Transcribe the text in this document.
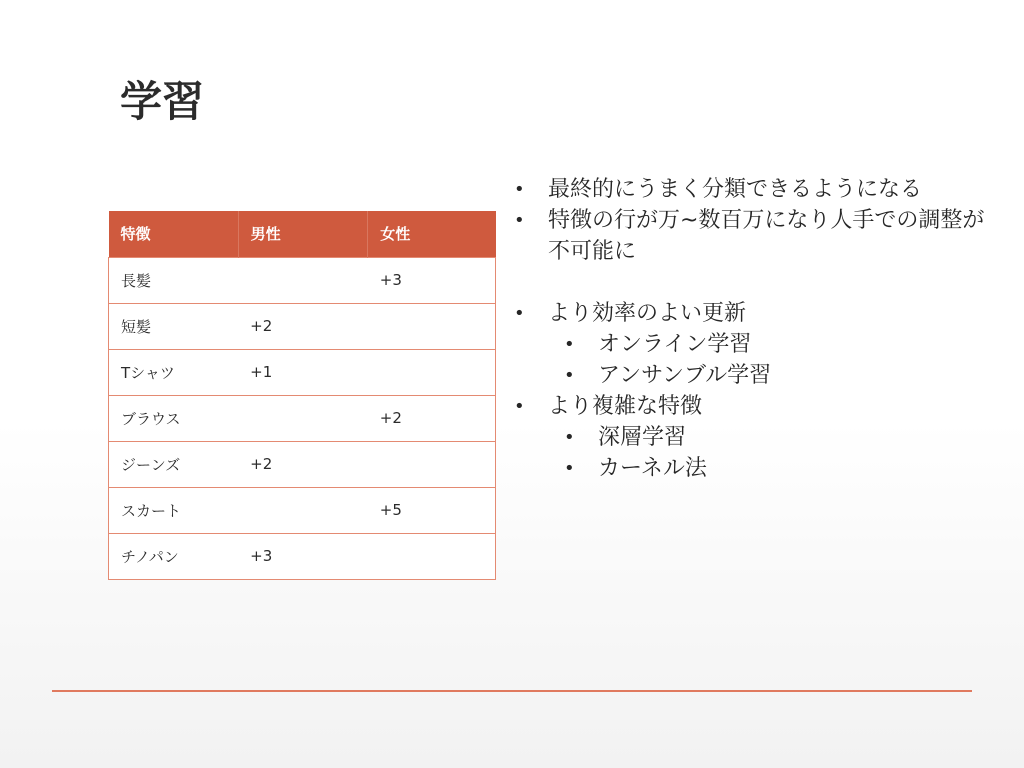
学習
特徴	男性	女性
長髪		+3
短髪	+2	
Tシャツ	+1	
ブラウス		+2
ジーンズ	+2	
スカート		+5
チノパン	+3	
• 最終的にうまく分類できるようになる
• 特徴の行が万~数百万になり人手での調整が不可能に
• より効率のよい更新
• オンライン学習
• アンサンブル学習
• より複雑な特徴
• 深層学習
• カーネル法
